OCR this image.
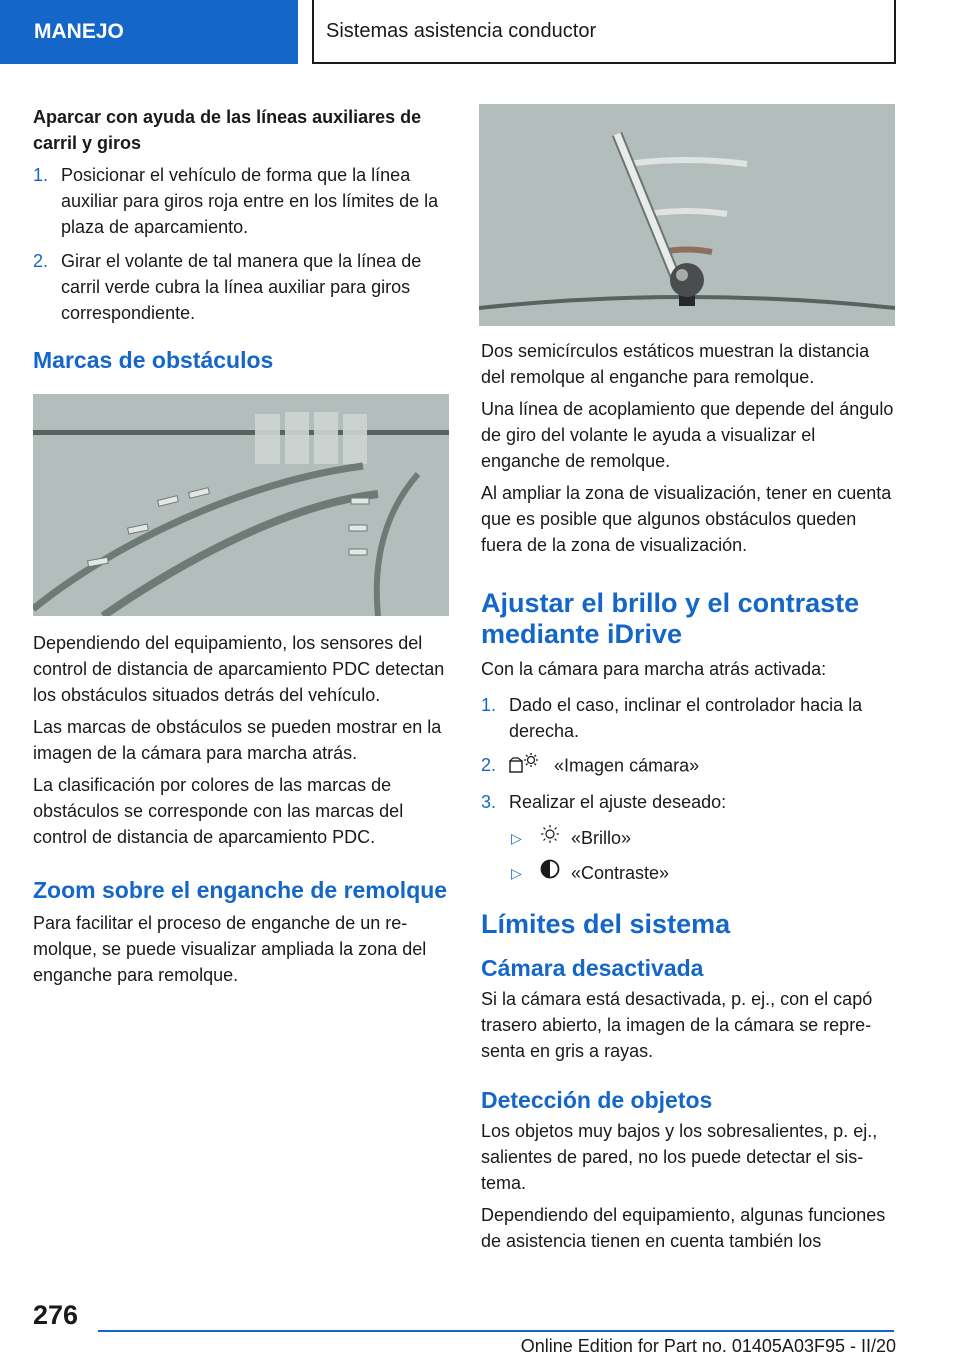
MANEJO	Sistemas asistencia conductor
Aparcar con ayuda de las líneas auxiliares de carril y giros
1. Posicionar el vehículo de forma que la línea auxiliar para giros roja entre en los límites de la plaza de aparcamiento.
2. Girar el volante de tal manera que la línea de carril verde cubra la línea auxiliar para giros correspondiente.
Marcas de obstáculos

Dependiendo del equipamiento, los sensores del control de distancia de aparcamiento PDC detectan los obstáculos situados detrás del vehículo.

Las marcas de obstáculos se pueden mostrar en la imagen de la cámara para marcha atrás.

La clasificación por colores de las marcas de obstáculos se corresponde con las marcas del control de distancia de aparcamiento PDC.

Zoom sobre el enganche de remolque

Para facilitar el proceso de enganche de un remolque, se puede visualizar ampliada la zona del enganche para remolque.

Dos semicírculos estáticos muestran la distancia del remolque al enganche para remolque.

Una línea de acoplamiento que depende del ángulo de giro del volante le ayuda a visualizar el enganche de remolque.

Al ampliar la zona de visualización, tener en cuenta que es posible que algunos obstáculos queden fuera de la zona de visualización.

Ajustar el brillo y el contraste mediante iDrive

Con la cámara para marcha atrás activada:

1. Dado el caso, inclinar el controlador hacia la derecha.
2.	«Imagen cámara»
3. Realizar el ajuste deseado:
▷	«Brillo»
▷	«Contraste»
Límites del sistema
Cámara desactivada

Si la cámara está desactivada, p. ej., con el capó trasero abierto, la imagen de la cámara se representa en gris a rayas.

Detección de objetos

Los objetos muy bajos y los sobresalientes, p. ej., salientes de pared, no los puede detectar el sistema.

Dependiendo del equipamiento, algunas funciones de asistencia tienen en cuenta también los

276
Online Edition for Part no. 01405A03F95 - II/20
